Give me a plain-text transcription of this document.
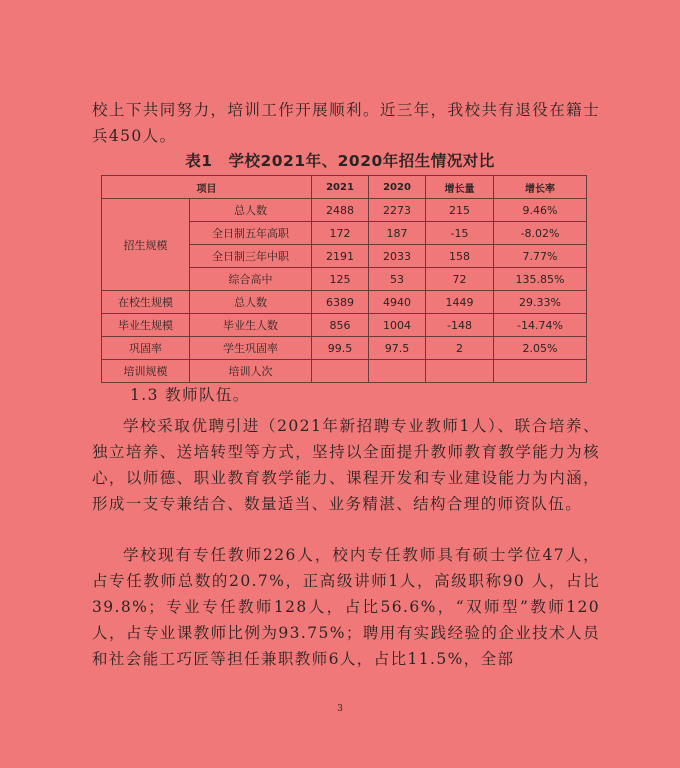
校上下共同努力，培训工作开展顺利。近三年，我校共有退役在籍士兵450人。

表1　学校2021年、2020年招生情况对比
项目		2021	2020	增长量	增长率
招生规模	总人数	2488	2273	215	9.46%
	全日制五年高职	172	187	-15	-8.02%
	全日制三年中职	2191	2033	158	7.77%
	综合高中	125	53	72	135.85%
在校生规模	总人数	6389	4940	1449	29.33%
毕业生规模	毕业生人数	856	1004	-148	-14.74%
巩固率	学生巩固率	99.5	97.5	2	2.05%
培训规模	培训人次				
1.3 教师队伍。

学校采取优聘引进（2021年新招聘专业教师1人）、联合培养、独立培养、送培转型等方式，坚持以全面提升教师教育教学能力为核心，以师德、职业教育教学能力、课程开发和专业建设能力为内涵，形成一支专兼结合、数量适当、业务精湛、结构合理的师资队伍。

学校现有专任教师226人，校内专任教师具有硕士学位47人，占专任教师总数的20.7%，正高级讲师1人，高级职称90 人，占比39.8%；专业专任教师128人，占比56.6%，“双师型”教师120人，占专业课教师比例为93.75%；聘用有实践经验的企业技术人员和社会能工巧匠等担任兼职教师6人，占比11.5%，全部

3
